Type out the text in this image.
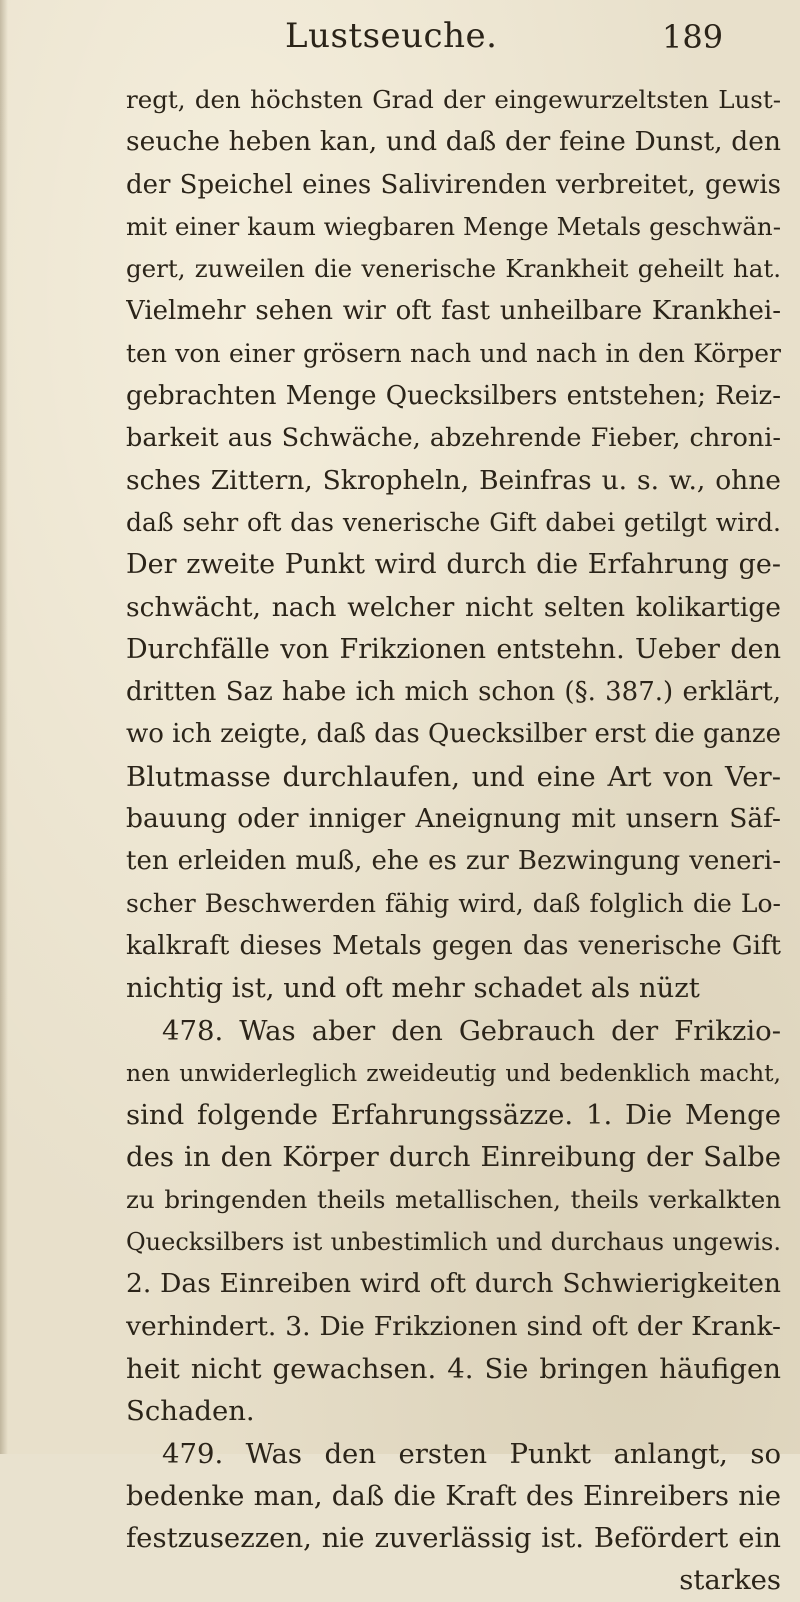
Lustseuche.	189
regt, den höchsten Grad der eingewurzeltsten Lust-
seuche heben kan, und daß der feine Dunst, den
der Speichel eines Salivirenden verbreitet, gewis
mit einer kaum wiegbaren Menge Metals geschwän-
gert, zuweilen die venerische Krankheit geheilt hat.
Vielmehr sehen wir oft fast unheilbare Krankhei-
ten von einer grösern nach und nach in den Körper
gebrachten Menge Quecksilbers entstehen; Reiz-
barkeit aus Schwäche, abzehrende Fieber, chroni-
sches Zittern, Skropheln, Beinfras u. s. w., ohne
daß sehr oft das venerische Gift dabei getilgt wird.
Der zweite Punkt wird durch die Erfahrung ge-
schwächt, nach welcher nicht selten kolikartige
Durchfälle von Frikzionen entstehn. Ueber den
dritten Saz habe ich mich schon (§. 387.) erklärt,
wo ich zeigte, daß das Quecksilber erst die ganze
Blutmasse durchlaufen, und eine Art von Ver-
bauung oder inniger Aneignung mit unsern Säf-
ten erleiden muß, ehe es zur Bezwingung veneri-
scher Beschwerden fähig wird, daß folglich die Lo-
kalkraft dieses Metals gegen das venerische Gift
nichtig ist, und oft mehr schadet als nüzt
478. Was aber den Gebrauch der Frikzio-
nen unwiderleglich zweideutig und bedenklich macht,
sind folgende Erfahrungssäzze. 1. Die Menge
des in den Körper durch Einreibung der Salbe
zu bringenden theils metallischen, theils verkalkten
Quecksilbers ist unbestimlich und durchaus ungewis.
2. Das Einreiben wird oft durch Schwierigkeiten
verhindert. 3. Die Frikzionen sind oft der Krank-
heit nicht gewachsen. 4. Sie bringen häufigen
Schaden.
479. Was den ersten Punkt anlangt, so
bedenke man, daß die Kraft des Einreibers nie
festzusezzen, nie zuverlässig ist. Befördert ein
starkes
